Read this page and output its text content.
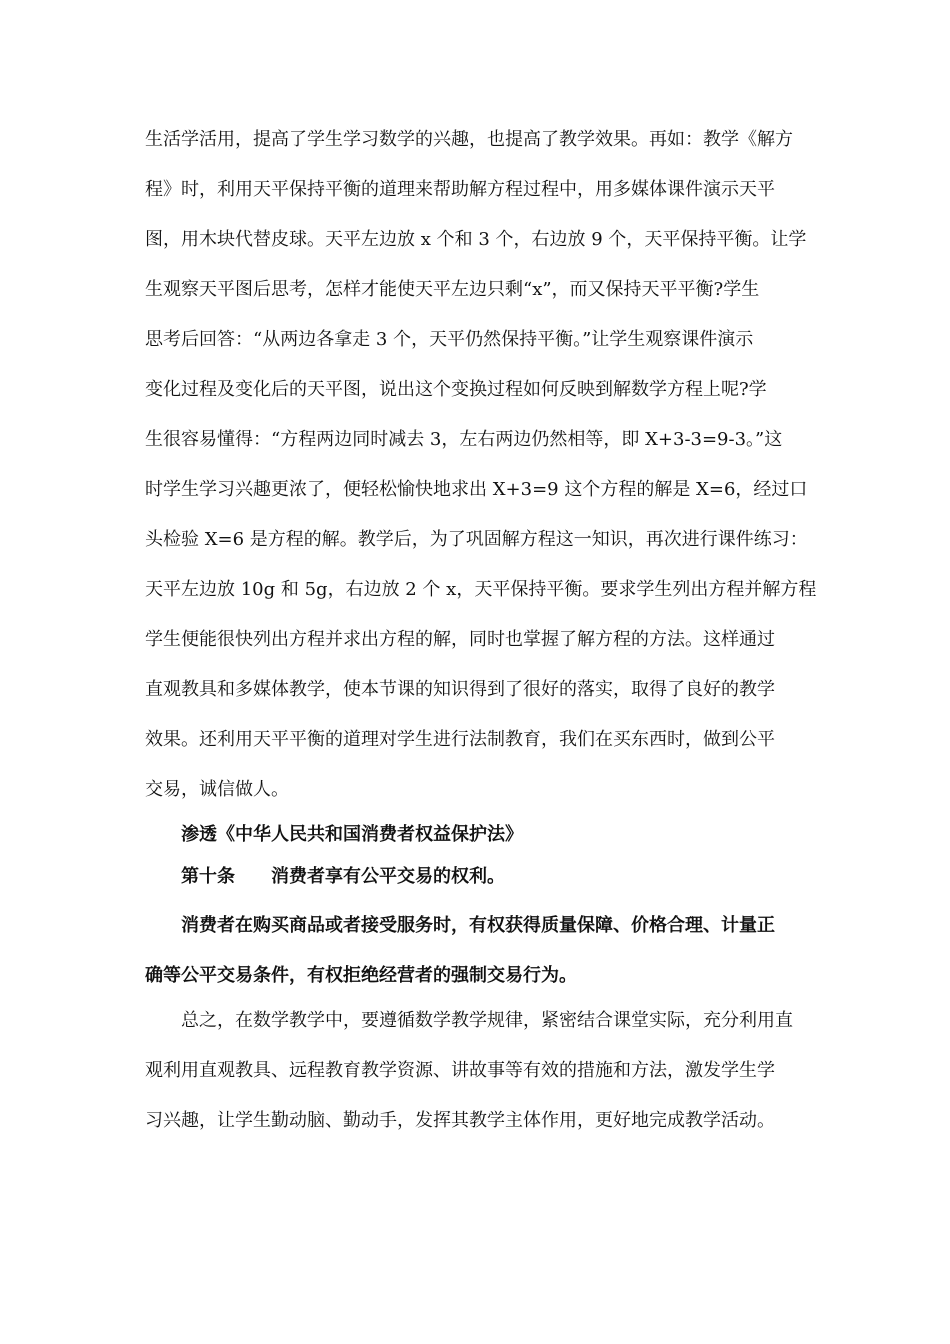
生活学活用，提高了学生学习数学的兴趣，也提高了教学效果。再如：教学《解方
程》时，利用天平保持平衡的道理来帮助解方程过程中，用多媒体课件演示天平
图，用木块代替皮球。天平左边放 x 个和 3 个，右边放 9 个，天平保持平衡。让学
生观察天平图后思考，怎样才能使天平左边只剩“x”，而又保持天平平衡?学生
思考后回答：“从两边各拿走 3 个，天平仍然保持平衡。”让学生观察课件演示
变化过程及变化后的天平图，说出这个变换过程如何反映到解数学方程上呢?学
生很容易懂得：“方程两边同时减去 3，左右两边仍然相等，即 X+3-3=9-3。”这
时学生学习兴趣更浓了，便轻松愉快地求出 X+3=9 这个方程的解是 X=6，经过口
头检验 X=6 是方程的解。教学后，为了巩固解方程这一知识，再次进行课件练习：
天平左边放 10g 和 5g，右边放 2 个 x，天平保持平衡。要求学生列出方程并解方程
学生便能很快列出方程并求出方程的解，同时也掌握了解方程的方法。这样通过
直观教具和多媒体教学，使本节课的知识得到了很好的落实，取得了良好的教学
效果。还利用天平平衡的道理对学生进行法制教育，我们在买东西时，做到公平
交易，诚信做人。
渗透《中华人民共和国消费者权益保护法》
第十条 消费者享有公平交易的权利。
消费者在购买商品或者接受服务时，有权获得质量保障、价格合理、计量正
确等公平交易条件，有权拒绝经营者的强制交易行为。
总之，在数学教学中，要遵循数学教学规律，紧密结合课堂实际，充分利用直
观利用直观教具、远程教育教学资源、讲故事等有效的措施和方法，激发学生学
习兴趣，让学生勤动脑、勤动手，发挥其教学主体作用，更好地完成教学活动。
